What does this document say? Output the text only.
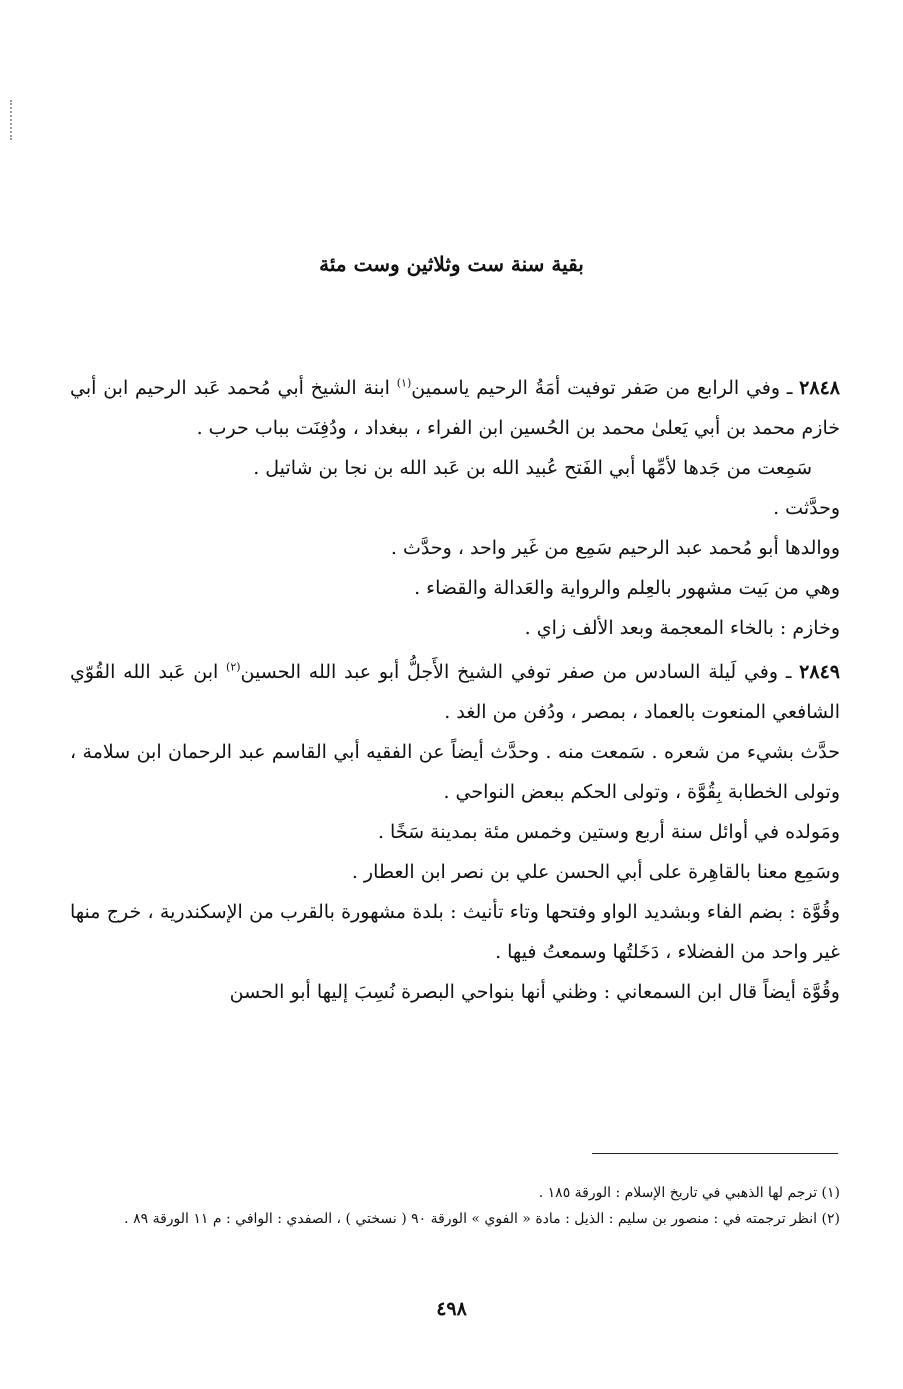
بقية سنة ست وثلاثين وست مئة

٢٨٤٨ ـ وفي الرابع من صَفر توفيت أمَةُ الرحيم ياسمين$^{(١)}$ ابنة الشيخ أبي مُحمد عَبد الرحيم ابن أبي خازم محمد بن أبي يَعلىٰ محمد بن الحُسين ابن الفراء ، ببغداد ، ودُفِنَت بباب حرب .

سَمِعت من جَدها لأمِّها أبي الفَتح عُبيد الله بن عَبد الله بن نجا بن شاتيل .

وحدَّثت .

ووالدها أبو مُحمد عبد الرحيم سَمِع من غَير واحد ، وحدَّث .

وهي من بَيت مشهور بالعِلم والرواية والعَدالة والقضاء .

وخازم : بالخاء المعجمة وبعد الألف زاي .

٢٨٤٩ ـ وفي لَيلة السادس من صفر توفي الشيخ الأَجلُّ أبو عبد الله الحسين$^{(٢)}$ ابن عَبد الله القُوّي الشافعي المنعوت بالعماد ، بمصر ، ودُفن من الغد .

حدَّث بشيء من شعره . سَمعت منه . وحدَّث أيضاً عن الفقيه أبي القاسم عبد الرحمان ابن سلامة ، وتولى الخطابة بِقُوَّة ، وتولى الحكم ببعض النواحي .

ومَولده في أوائل سنة أربع وستين وخمس مئة بمدينة سَخًا .

وسَمِع معنا بالقاهِرة على أبي الحسن علي بن نصر ابن العطار .

وقُوَّة : بضم الفاء وبشديد الواو وفتحها وتاء تأنيث : بلدة مشهورة بالقرب من الإسكندرية ، خرج منها غير واحد من الفضلاء ، دَخَلتُها وسمعتُ فيها .

وقُوَّة أيضاً قال ابن السمعاني : وظني أنها بنواحي البصرة نُسِبَ إليها أبو الحسن

(١) ترجم لها الذهبي في تاريخ الإسلام : الورقة ١٨٥ .

(٢) انظر ترجمته في : منصور بن سليم : الذيل : مادة « الفوي » الورقة ٩٠ ( نسختي ) ، الصفدي : الوافي : م ١١ الورقة ٨٩ .

٤٩٨
